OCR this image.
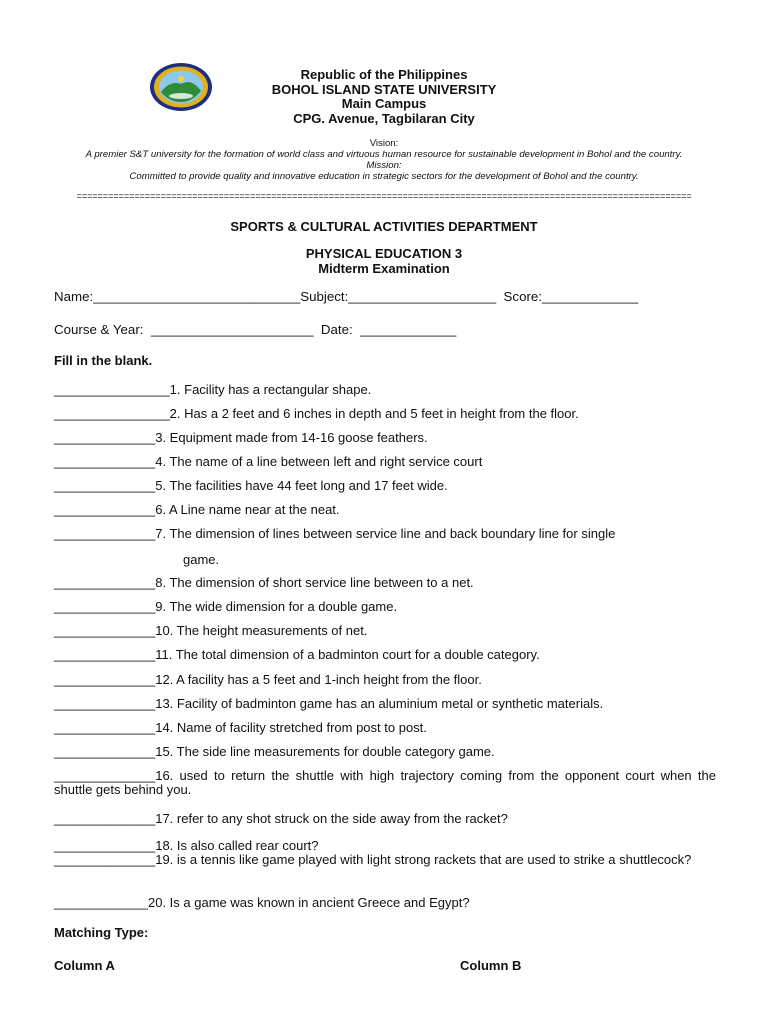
Republic of the Philippines
BOHOL ISLAND STATE UNIVERSITY
Main Campus
CPG. Avenue, Tagbilaran City
Vision:
A premier S&T university for the formation of world class and virtuous human resource for sustainable development in Bohol and the country.
Mission:
Committed to provide quality and innovative education in strategic sectors for the development of Bohol and the country.
=====================================================================================================================
SPORTS & CULTURAL ACTIVITIES DEPARTMENT
PHYSICAL EDUCATION 3
Midterm Examination
Name:____________________________Subject:____________________  Score:_____________
Course & Year:  ______________________  Date:  _____________
Fill in the blank.
________________1. Facility has a rectangular shape.
________________2. Has a 2 feet and 6 inches in depth and 5 feet in height from the floor.
______________3. Equipment made from 14-16 goose feathers.
______________4. The name of a line between left and right service court
______________5. The facilities have 44 feet long and 17 feet wide.
______________6. A Line name near at the neat.
______________7. The dimension of lines between service line and back boundary line for single
game.
______________8. The dimension of short service line between to a net.
______________9. The wide dimension for a double game.
______________10. The height measurements of net.
______________11. The total dimension of a badminton court for a double category.
______________12. A facility has a 5 feet and 1-inch height from the floor.
______________13. Facility of badminton game has an aluminium metal or synthetic materials.
______________14. Name of facility stretched from post to post.
______________15. The side line measurements for double category game.
______________16. used to return the shuttle with high trajectory coming from the opponent court when the shuttle gets behind you.
______________17. refer to any shot struck on the side away from the racket?
______________18. Is also called rear court?
______________19. is a tennis like game played with light strong rackets that are used to strike a shuttlecock?
_____________20. Is a game was known in ancient Greece and Egypt?
Matching Type:
Column A	Column B
